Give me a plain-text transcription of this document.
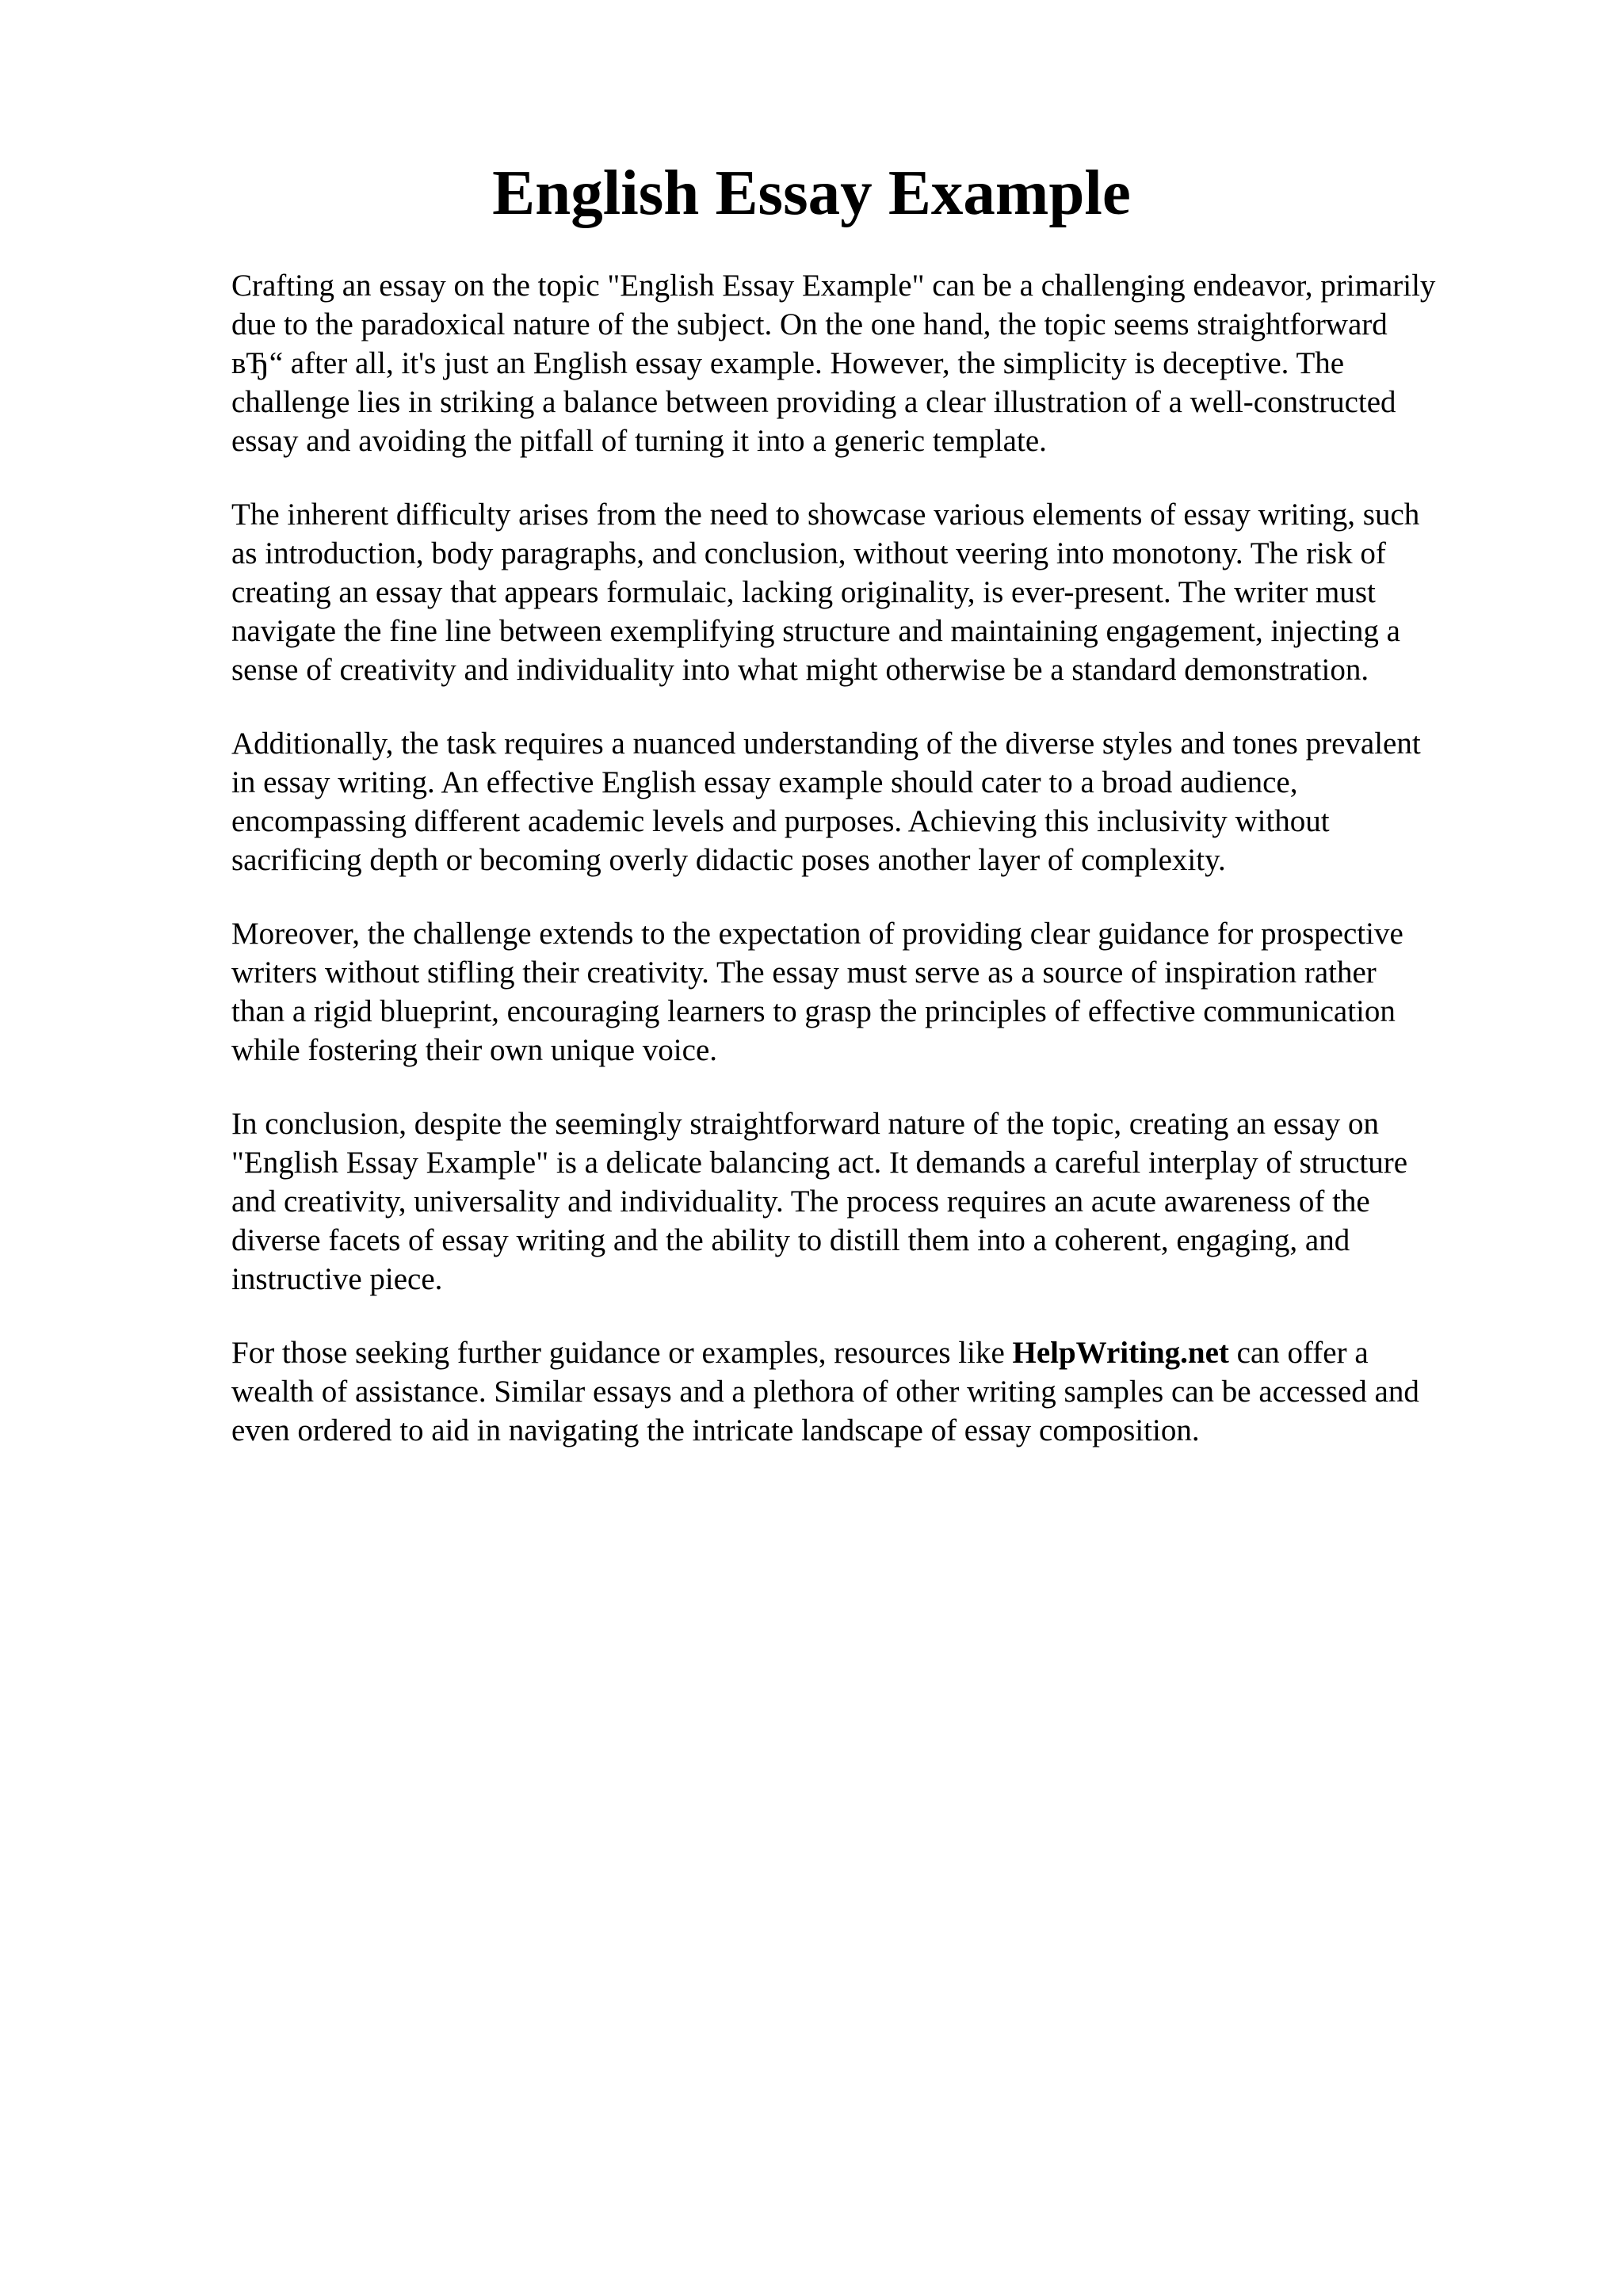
English Essay Example

Crafting an essay on the topic "English Essay Example" can be a challenging endeavor, primarily
due to the paradoxical nature of the subject. On the one hand, the topic seems straightforward
вЂ“ after all, it's just an English essay example. However, the simplicity is deceptive. The
challenge lies in striking a balance between providing a clear illustration of a well-constructed
essay and avoiding the pitfall of turning it into a generic template.

The inherent difficulty arises from the need to showcase various elements of essay writing, such
as introduction, body paragraphs, and conclusion, without veering into monotony. The risk of
creating an essay that appears formulaic, lacking originality, is ever-present. The writer must
navigate the fine line between exemplifying structure and maintaining engagement, injecting a
sense of creativity and individuality into what might otherwise be a standard demonstration.

Additionally, the task requires a nuanced understanding of the diverse styles and tones prevalent
in essay writing. An effective English essay example should cater to a broad audience,
encompassing different academic levels and purposes. Achieving this inclusivity without
sacrificing depth or becoming overly didactic poses another layer of complexity.

Moreover, the challenge extends to the expectation of providing clear guidance for prospective
writers without stifling their creativity. The essay must serve as a source of inspiration rather
than a rigid blueprint, encouraging learners to grasp the principles of effective communication
while fostering their own unique voice.

In conclusion, despite the seemingly straightforward nature of the topic, creating an essay on
"English Essay Example" is a delicate balancing act. It demands a careful interplay of structure
and creativity, universality and individuality. The process requires an acute awareness of the
diverse facets of essay writing and the ability to distill them into a coherent, engaging, and
instructive piece.

For those seeking further guidance or examples, resources like HelpWriting.net can offer a
wealth of assistance. Similar essays and a plethora of other writing samples can be accessed and
even ordered to aid in navigating the intricate landscape of essay composition.
